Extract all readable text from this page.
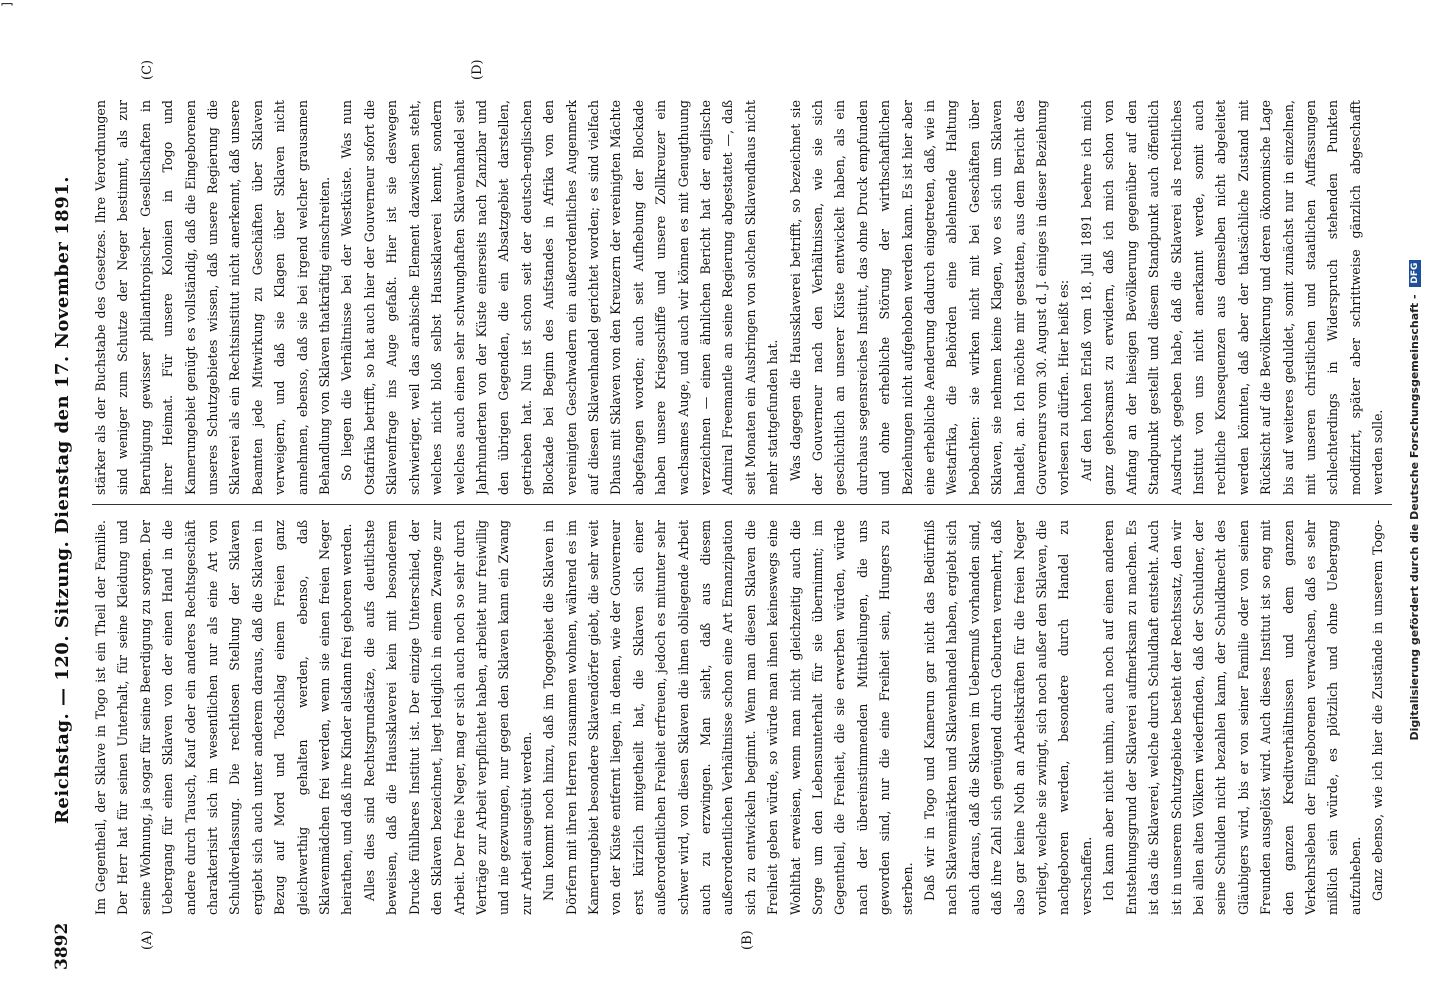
3892
Reichstag. — 120. Sitzung. Dienstag den 17. November 1891.
(A)	(B)
(C)	(D)

Im Gegentheil, der Sklave in Togo ist ein Theil der Familie. Der Herr hat für seinen Unterhalt, für seine Kleidung und seine Wohnung, ja sogar für seine Beerdigung zu sorgen. Der Uebergang für einen Sklaven von der einen Hand in die andere durch Tausch, Kauf oder ein anderes Rechtsgeschäft charakterisirt sich im wesentlichen nur als eine Art von Schuldverlassung. Die rechtlosen Stellung der Sklaven ergiebt sich auch unter anderem daraus, daß die Sklaven in Bezug auf Mord und Todschlag einem Freien ganz gleichwerthig gehalten werden, ebenso, daß Sklavenmädchen frei werden, wenn sie einen freien Neger heirathen, und daß ihre Kinder alsdann frei geboren werden. Alles dies sind Rechtsgrundsätze, die aufs deutlichste beweisen, daß die Haussklaverei kein mit besonderem Drucke fühlbares Institut ist. Der einzige Unterschied, der den Sklaven bezeichnet, liegt lediglich in einem Zwange zur Arbeit. Der freie Neger, mag er sich auch noch so sehr durch Verträge zur Arbeit verpflichtet haben, arbeitet nur freiwillig und nie gezwungen, nur gegen den Sklaven kann ein Zwang zur Arbeit ausgeübt werden. Nun kommt noch hinzu, daß im Togogebiet die Sklaven in Dörfern mit ihren Herren zusammen wohnen, während es im Kamerungebiet besondere Sklavendörfer giebt, die sehr weit von der Küste entfernt liegen, in denen, wie der Gouverneur erst kürzlich mitgetheilt hat, die Sklaven sich einer außerordentlichen Freiheit erfreuen, jedoch es mitunter sehr schwer wird, von diesen Sklaven die ihnen obliegende Arbeit auch zu erzwingen. Man sieht, daß aus diesem außerordentlichen Verhältnisse schon eine Art Emanzipation sich zu entwickeln beginnt. Wenn man diesen Sklaven die Freiheit geben würde, so würde man ihnen keineswegs eine Wohlthat erweisen, wenn man nicht gleichzeitig auch die Sorge um den Lebensunterhalt für sie übernimmt; im Gegentheil, die Freiheit, die sie erwerben würden, würde nach der übereinstimmenden Mittheilungen, die uns geworden sind, nur die eine Freiheit sein, Hungers zu sterben. Daß wir in Togo und Kamerun gar nicht das Bedürfniß nach Sklavenmärkten und Sklavenhandel haben, ergiebt sich auch daraus, daß die Sklaven im Uebermuß vorhanden sind, daß ihre Zahl sich genügend durch Geburten vermehrt, daß also gar keine Noth an Arbeitskräften für die freien Neger vorliegt, welche sie zwingt, sich noch außer den Sklaven, die nachgeboren werden, besondere durch Handel zu verschaffen. Ich kann aber nicht umhin, auch noch auf einen anderen Entstehungsgrund der Sklaverei aufmerksam zu machen. Es ist das die Sklaverei, welche durch Schuldhaft entsteht. Auch ist in unserem Schutzgebiete besteht der Rechtssatz, den wir bei allen alten Völkern wiederfinden, daß der Schuldner, der seine Schulden nicht bezahlen kann, der Schuldknecht des Gläubigers wird, bis er von seiner Familie oder von seinen Freunden ausgelöst wird. Auch dieses Institut ist so eng mit den ganzen Kreditverhältnissen und dem ganzen Verkehrsleben der Eingeborenen verwachsen, daß es sehr mißlich sein würde, es plötzlich und ohne Uebergang aufzuheben. Ganz ebenso, wie ich hier die Zustände in unserem Togo-

stärker als der Buchstabe des Gesetzes. Ihre Verordnungen sind weniger zum Schutze der Neger bestimmt, als zur Beruhigung gewisser philanthropischer Gesellschaften in ihrer Heimat. Für unsere Kolonien in Togo und Kamerungebiet genügt es vollständig, daß die Eingeborenen unseres Schutzgebietes wissen, daß unsere Regierung die Sklaverei als ein Rechtsinstitut nicht anerkennt, daß unsere Beamten jede Mitwirkung zu Geschäften über Sklaven verweigern, und daß sie Klagen über Sklaven nicht annehmen, ebenso, daß sie bei irgend welcher grausamen Behandlung von Sklaven thatkräftig einschreiten. So liegen die Verhältnisse bei der Westküste. Was nun Ostafrika betrifft, so hat auch hier der Gouverneur sofort die Sklavenfrage ins Auge gefaßt. Hier ist sie deswegen schwieriger, weil das arabische Element dazwischen steht, welches nicht bloß selbst Haussklaverei kennt, sondern welches auch einen sehr schwunghaften Sklavenhandel seit Jahrhunderten von der Küste einerseits nach Zanzibar und den übrigen Gegenden, die ein Absatzgebiet darstellen, getrieben hat. Nun ist schon seit der deutsch-englischen Blockade bei Beginn des Aufstandes in Afrika von den vereinigten Geschwadern ein außerordentliches Augenmerk auf diesen Sklavenhandel gerichtet worden; es sind vielfach Dhaus mit Sklaven von den Kreuzern der vereinigten Mächte abgefangen worden; auch seit Aufhebung der Blockade haben unsere Kriegsschiffe und unsere Zollkreuzer ein wachsames Auge, und auch wir können es mit Genugthuung verzeichnen — einen ähnlichen Bericht hat der englische Admiral Freemantle an seine Regierung abgestattet —, daß seit Monaten ein Ausbringen von solchen Sklavendhaus nicht mehr stattgefunden hat. Was dagegen die Haussklaverei betrifft, so bezeichnet sie der Gouverneur nach den Verhältnissen, wie sie sich geschichtlich an unserer Küste entwickelt haben, als ein durchaus segensreiches Institut, das ohne Druck empfunden und ohne erhebliche Störung der wirthschaftlichen Beziehungen nicht aufgehoben werden kann. Es ist hier aber eine erhebliche Aenderung dadurch eingetreten, daß, wie in Westafrika, die Behörden eine ablehnende Haltung beobachten: sie wirken nicht mit bei Geschäften über Sklaven, sie nehmen keine Klagen, wo es sich um Sklaven handelt, an. Ich möchte mir gestatten, aus dem Bericht des Gouverneurs vom 30. August d. J. einiges in dieser Beziehung vorlesen zu dürfen. Hier heißt es: Auf den hohen Erlaß vom 18. Juli 1891 beehre ich mich ganz gehorsamst zu erwidern, daß ich mich schon von Anfang an der hiesigen Bevölkerung gegenüber auf den Standpunkt gestellt und diesem Standpunkt auch öffentlich Ausdruck gegeben habe, daß die Sklaverei als rechtliches Institut von uns nicht anerkannt werde, somit auch rechtliche Konsequenzen aus demselben nicht abgeleitet werden könnten, daß aber der thatsächliche Zustand mit Rücksicht auf die Bevölkerung und deren ökonomische Lage bis auf weiteres geduldet, somit zunächst nur in einzelnen, mit unseren christlichen und staatlichen Auffassungen schlechterdings in Widerspruch stehenden Punkten modifizirt, später aber schrittweise gänzlich abgeschafft werden solle.	Digitalisierung gefördert durch die Deutsche Forschungsgemeinschaft - DFG
]
